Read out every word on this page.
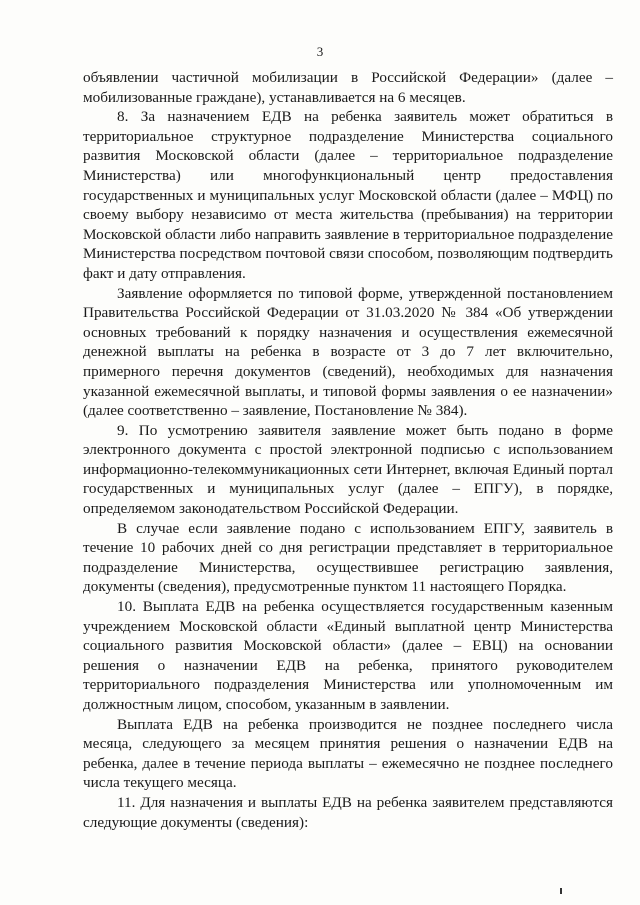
3

объявлении частичной мобилизации в Российской Федерации» (далее – мобилизованные граждане), устанавливается на 6 месяцев.

8. За назначением ЕДВ на ребенка заявитель может обратиться в территориальное структурное подразделение Министерства социального развития Московской области (далее – территориальное подразделение Министерства) или многофункциональный центр предоставления государственных и муниципальных услуг Московской области (далее – МФЦ) по своему выбору независимо от места жительства (пребывания) на территории Московской области либо направить заявление в территориальное подразделение Министерства посредством почтовой связи способом, позволяющим подтвердить факт и дату отправления.

Заявление оформляется по типовой форме, утвержденной постановлением Правительства Российской Федерации от 31.03.2020 № 384 «Об утверждении основных требований к порядку назначения и осуществления ежемесячной денежной выплаты на ребенка в возрасте от 3 до 7 лет включительно, примерного перечня документов (сведений), необходимых для назначения указанной ежемесячной выплаты, и типовой формы заявления о ее назначении» (далее соответственно – заявление, Постановление № 384).

9. По усмотрению заявителя заявление может быть подано в форме электронного документа с простой электронной подписью с использованием информационно-телекоммуникационных сети Интернет, включая Единый портал государственных и муниципальных услуг (далее – ЕПГУ), в порядке, определяемом законодательством Российской Федерации.

В случае если заявление подано с использованием ЕПГУ, заявитель в течение 10 рабочих дней со дня регистрации представляет в территориальное подразделение Министерства, осуществившее регистрацию заявления, документы (сведения), предусмотренные пунктом 11 настоящего Порядка.

10. Выплата ЕДВ на ребенка осуществляется государственным казенным учреждением Московской области «Единый выплатной центр Министерства социального развития Московской области» (далее – ЕВЦ) на основании решения о назначении ЕДВ на ребенка, принятого руководителем территориального подразделения Министерства или уполномоченным им должностным лицом, способом, указанным в заявлении.

Выплата ЕДВ на ребенка производится не позднее последнего числа месяца, следующего за месяцем принятия решения о назначении ЕДВ на ребенка, далее в течение периода выплаты – ежемесячно не позднее последнего числа текущего месяца.

11. Для назначения и выплаты ЕДВ на ребенка заявителем представляются следующие документы (сведения):
